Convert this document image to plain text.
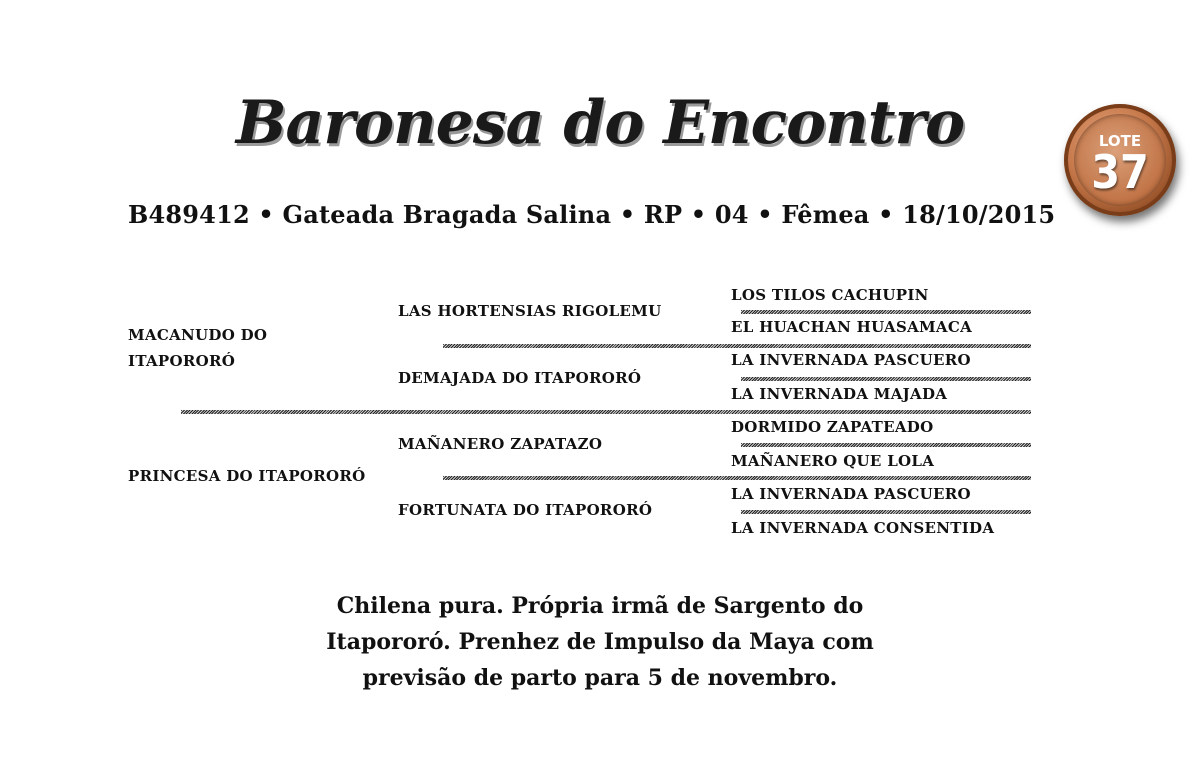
Baronesa do Encontro	LOTE
37
B489412 • Gateada Bragada Salina • RP • 04 • Fêmea • 18/10/2015
MACANUDO DO
ITAPORORÓ
PRINCESA DO ITAPORORÓ
LAS HORTENSIAS RIGOLEMU
DEMAJADA DO ITAPORORÓ
MAÑANERO ZAPATAZO
FORTUNATA DO ITAPORORÓ
LOS TILOS CACHUPIN
EL HUACHAN HUASAMACA
LA INVERNADA PASCUERO
LA INVERNADA MAJADA
DORMIDO ZAPATEADO
MAÑANERO QUE LOLA
LA INVERNADA PASCUERO
LA INVERNADA CONSENTIDA
Chilena pura. Própria irmã de Sargento do
Itapororó. Prenhez de Impulso da Maya com
previsão de parto para 5 de novembro.
